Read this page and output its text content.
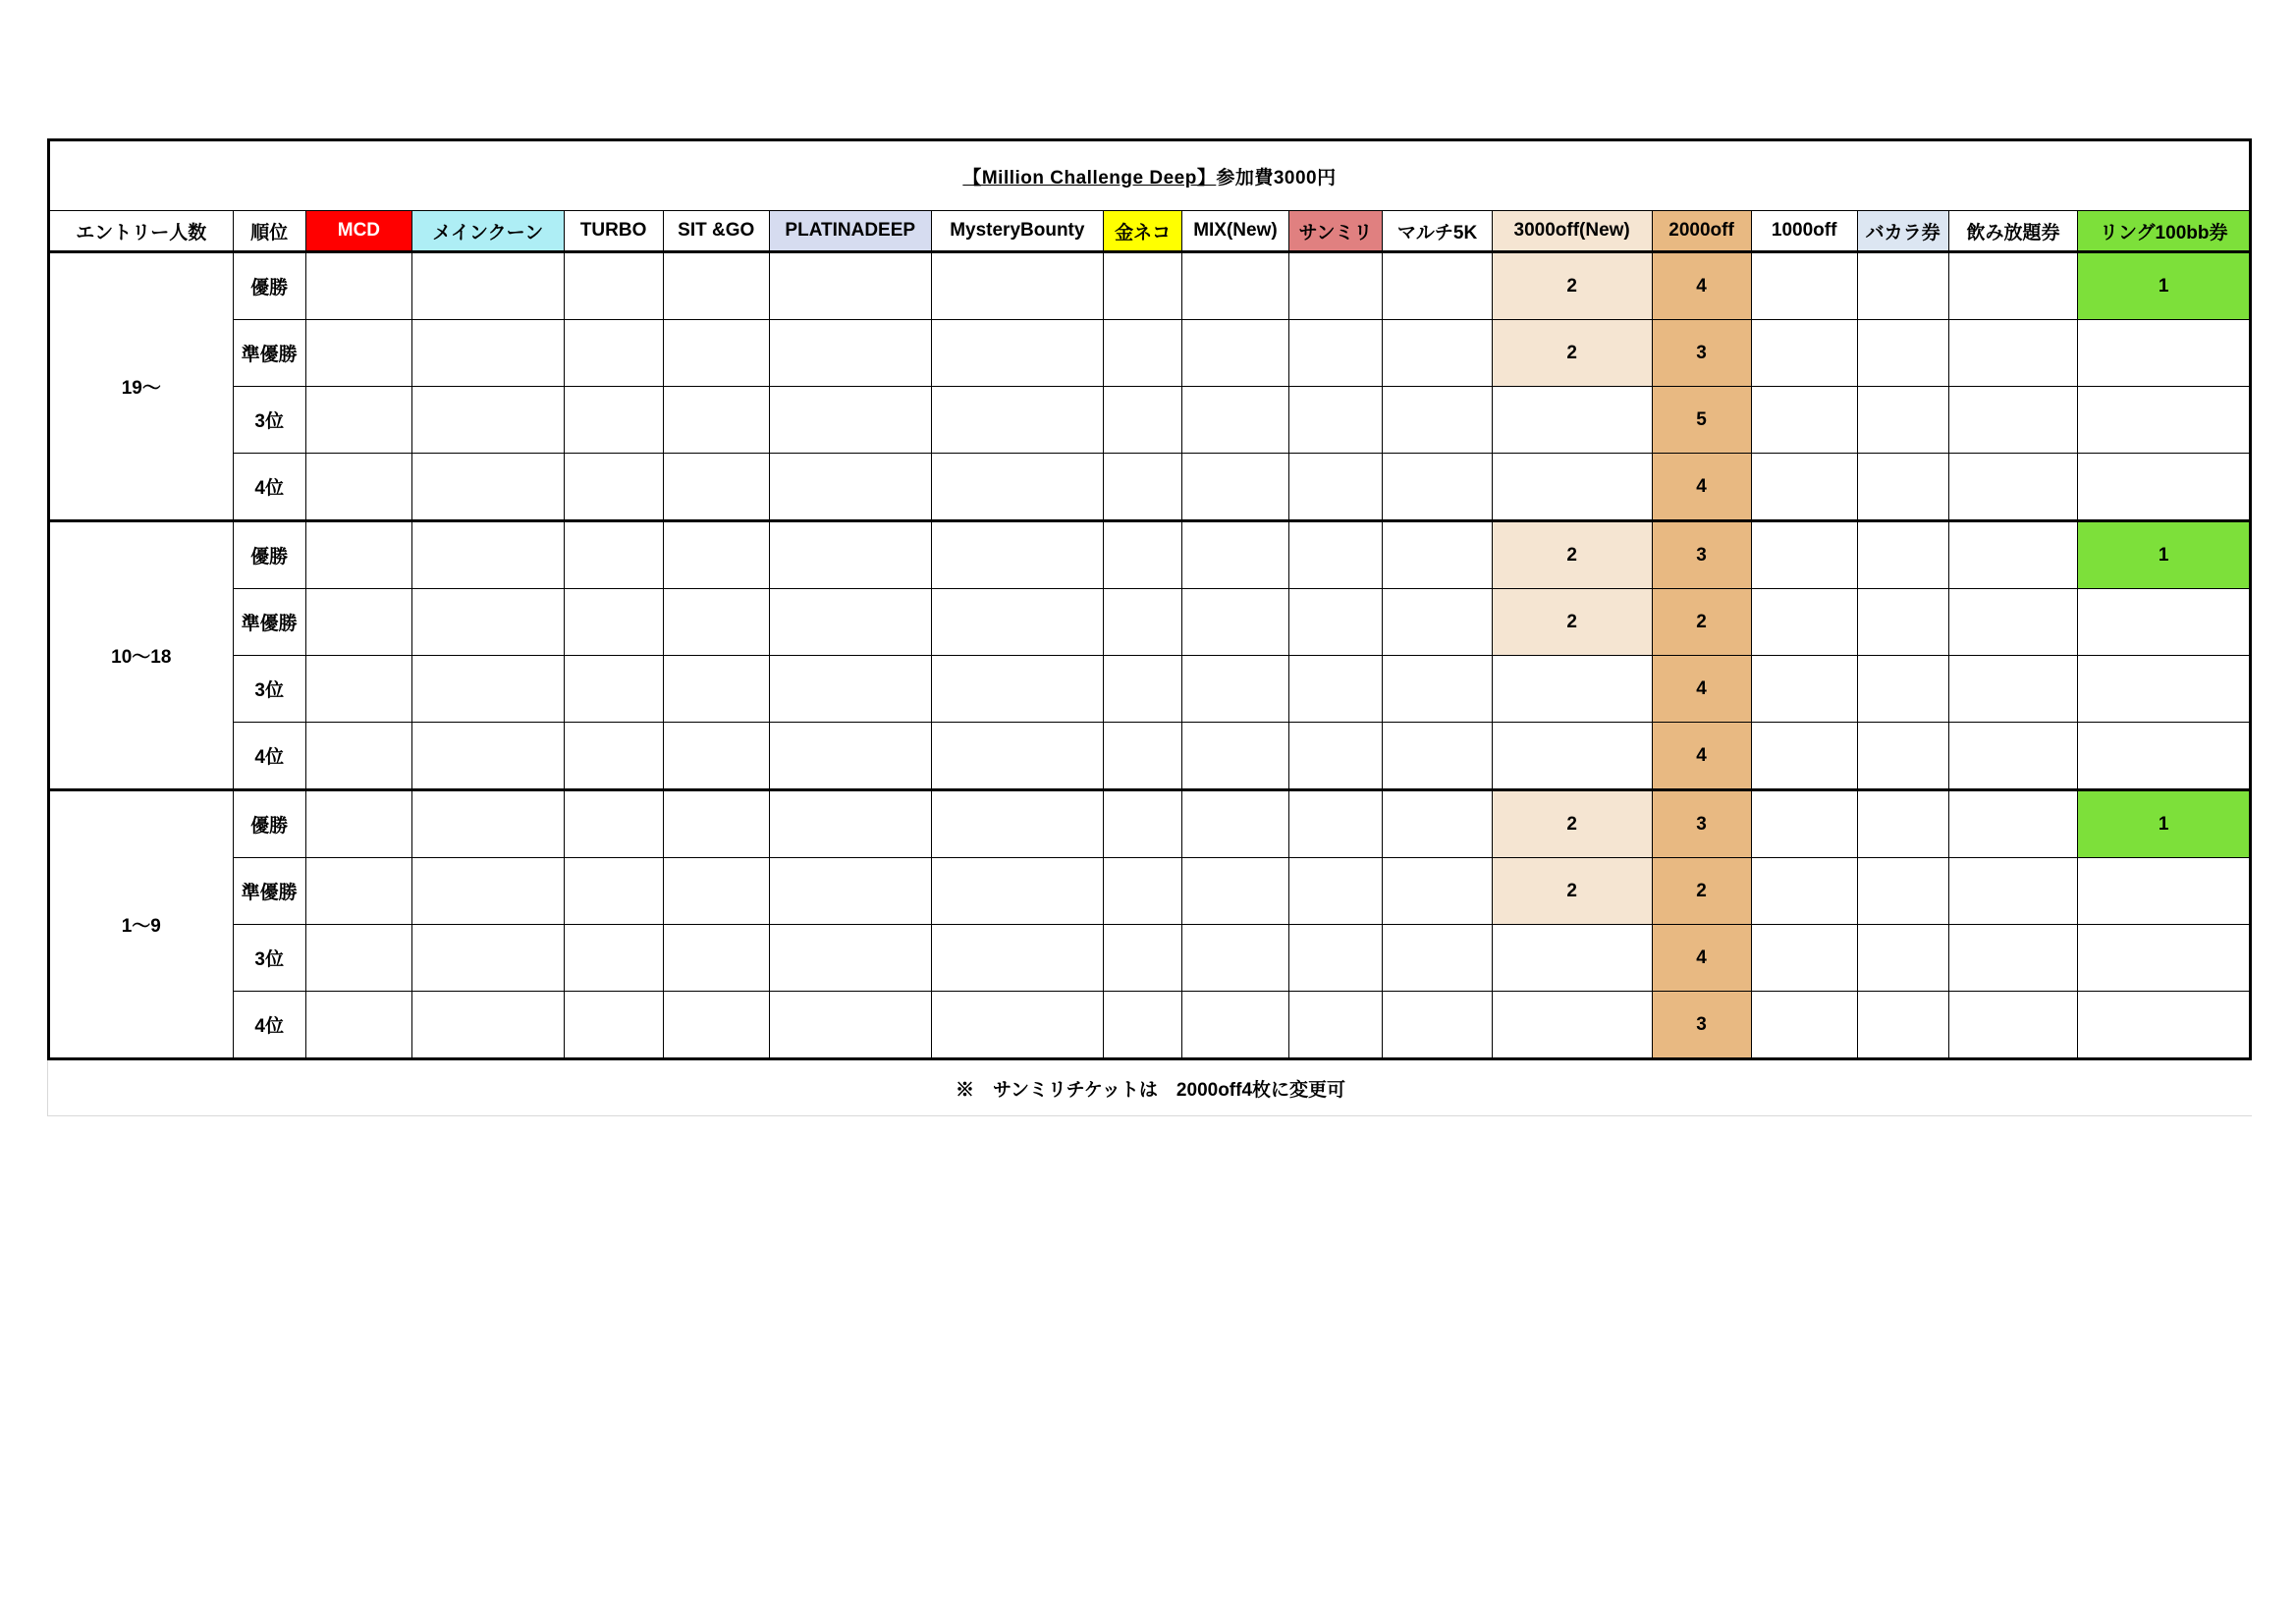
【Million Challenge Deep】参加費3000円																	
エントリー人数	順位	MCD	メインクーン	TURBO	SIT &GO	PLATINADEEP	MysteryBounty	金ネコ	MIX(New)	サンミリ	マルチ5K	3000off(New)	2000off	1000off	バカラ券	飲み放題券	リング100bb券
19～	優勝											2	4				1
	準優勝											2	3				
	3位												5				
	4位												4				
10～18	優勝											2	3				1
	準優勝											2	2				
	3位												4				
	4位												4				
1～9	優勝											2	3				1
	準優勝											2	2				
	3位												4				
	4位												3				
※　サンミリチケットは　2000off4枚に変更可
